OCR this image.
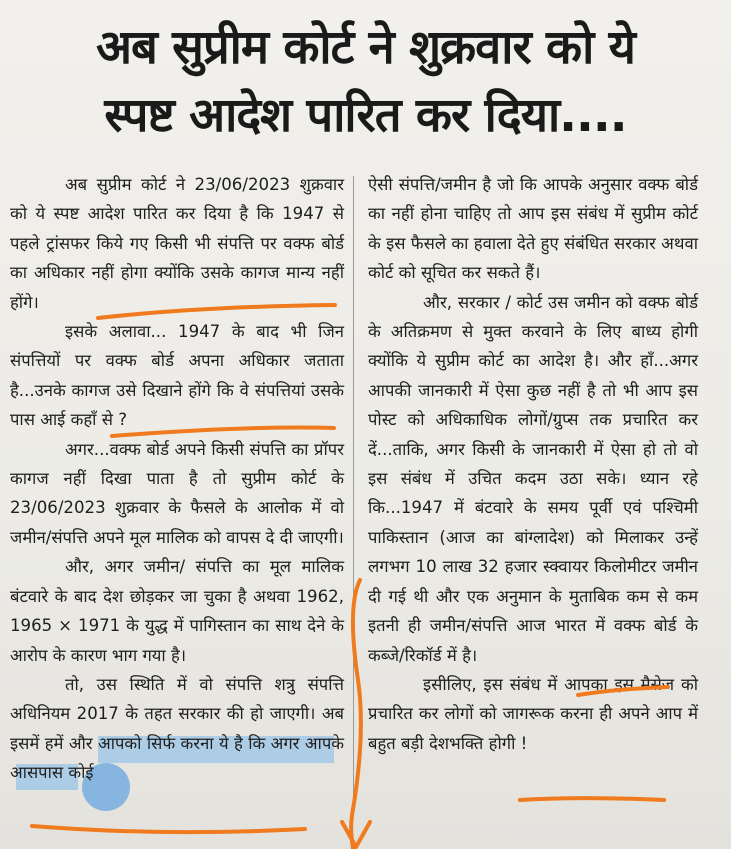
अब सुप्रीम कोर्ट ने शुक्रवार को ये
स्पष्ट आदेश पारित कर दिया....

अब सुप्रीम कोर्ट ने 23/06/2023 शुक्रवार को ये स्पष्ट आदेश पारित कर दिया है कि 1947 से पहले ट्रांसफर किये गए किसी भी संपत्ति पर वक्फ बोर्ड का अधिकार नहीं होगा क्योंकि उसके कागज मान्य नहीं होंगे।

इसके अलावा... 1947 के बाद भी जिन संपत्तियों पर वक्फ बोर्ड अपना अधिकार जताता है...उनके कागज उसे दिखाने होंगे कि वे संपत्तियां उसके पास आई कहाँ से ?

अगर...वक्फ बोर्ड अपने किसी संपत्ति का प्रॉपर कागज नहीं दिखा पाता है तो सुप्रीम कोर्ट के 23/06/2023 शुक्रवार के फैसले के आलोक में वो जमीन/संपत्ति अपने मूल मालिक को वापस दे दी जाएगी।

और, अगर जमीन/ संपत्ति का मूल मालिक बंटवारे के बाद देश छोड़कर जा चुका है अथवा 1962, 1965 × 1971 के युद्ध में पागिस्तान का साथ देने के आरोप के कारण भाग गया है।

तो, उस स्थिति में वो संपत्ति शत्रु संपत्ति अधिनियम 2017 के तहत सरकार की हो जाएगी। अब इसमें हमें और आपको सिर्फ करना ये है कि अगर आपके आसपास कोई

ऐसी संपत्ति/जमीन है जो कि आपके अनुसार वक्फ बोर्ड का नहीं होना चाहिए तो आप इस संबंध में सुप्रीम कोर्ट के इस फैसले का हवाला देते हुए संबंधित सरकार अथवा कोर्ट को सूचित कर सकते हैं।

और, सरकार / कोर्ट उस जमीन को वक्फ बोर्ड के अतिक्रमण से मुक्त करवाने के लिए बाध्य होगी क्योंकि ये सुप्रीम कोर्ट का आदेश है। और हाँ...अगर आपकी जानकारी में ऐसा कुछ नहीं है तो भी आप इस पोस्ट को अधिकाधिक लोगों/ग्रुप्स तक प्रचारित कर दें...ताकि, अगर किसी के जानकारी में ऐसा हो तो वो इस संबंध में उचित कदम उठा सके। ध्यान रहे कि...1947 में बंटवारे के समय पूर्वी एवं पश्चिमी पाकिस्तान (आज का बांग्लादेश) को मिलाकर उन्हें लगभग 10 लाख 32 हजार स्क्वायर किलोमीटर जमीन दी गई थी और एक अनुमान के मुताबिक कम से कम इतनी ही जमीन/संपत्ति आज भारत में वक्फ बोर्ड के कब्जे/रिकॉर्ड में है।

इसीलिए, इस संबंध में आपका इस मैसेज को प्रचारित कर लोगों को जागरूक करना ही अपने आप में बहुत बड़ी देशभक्ति होगी !
